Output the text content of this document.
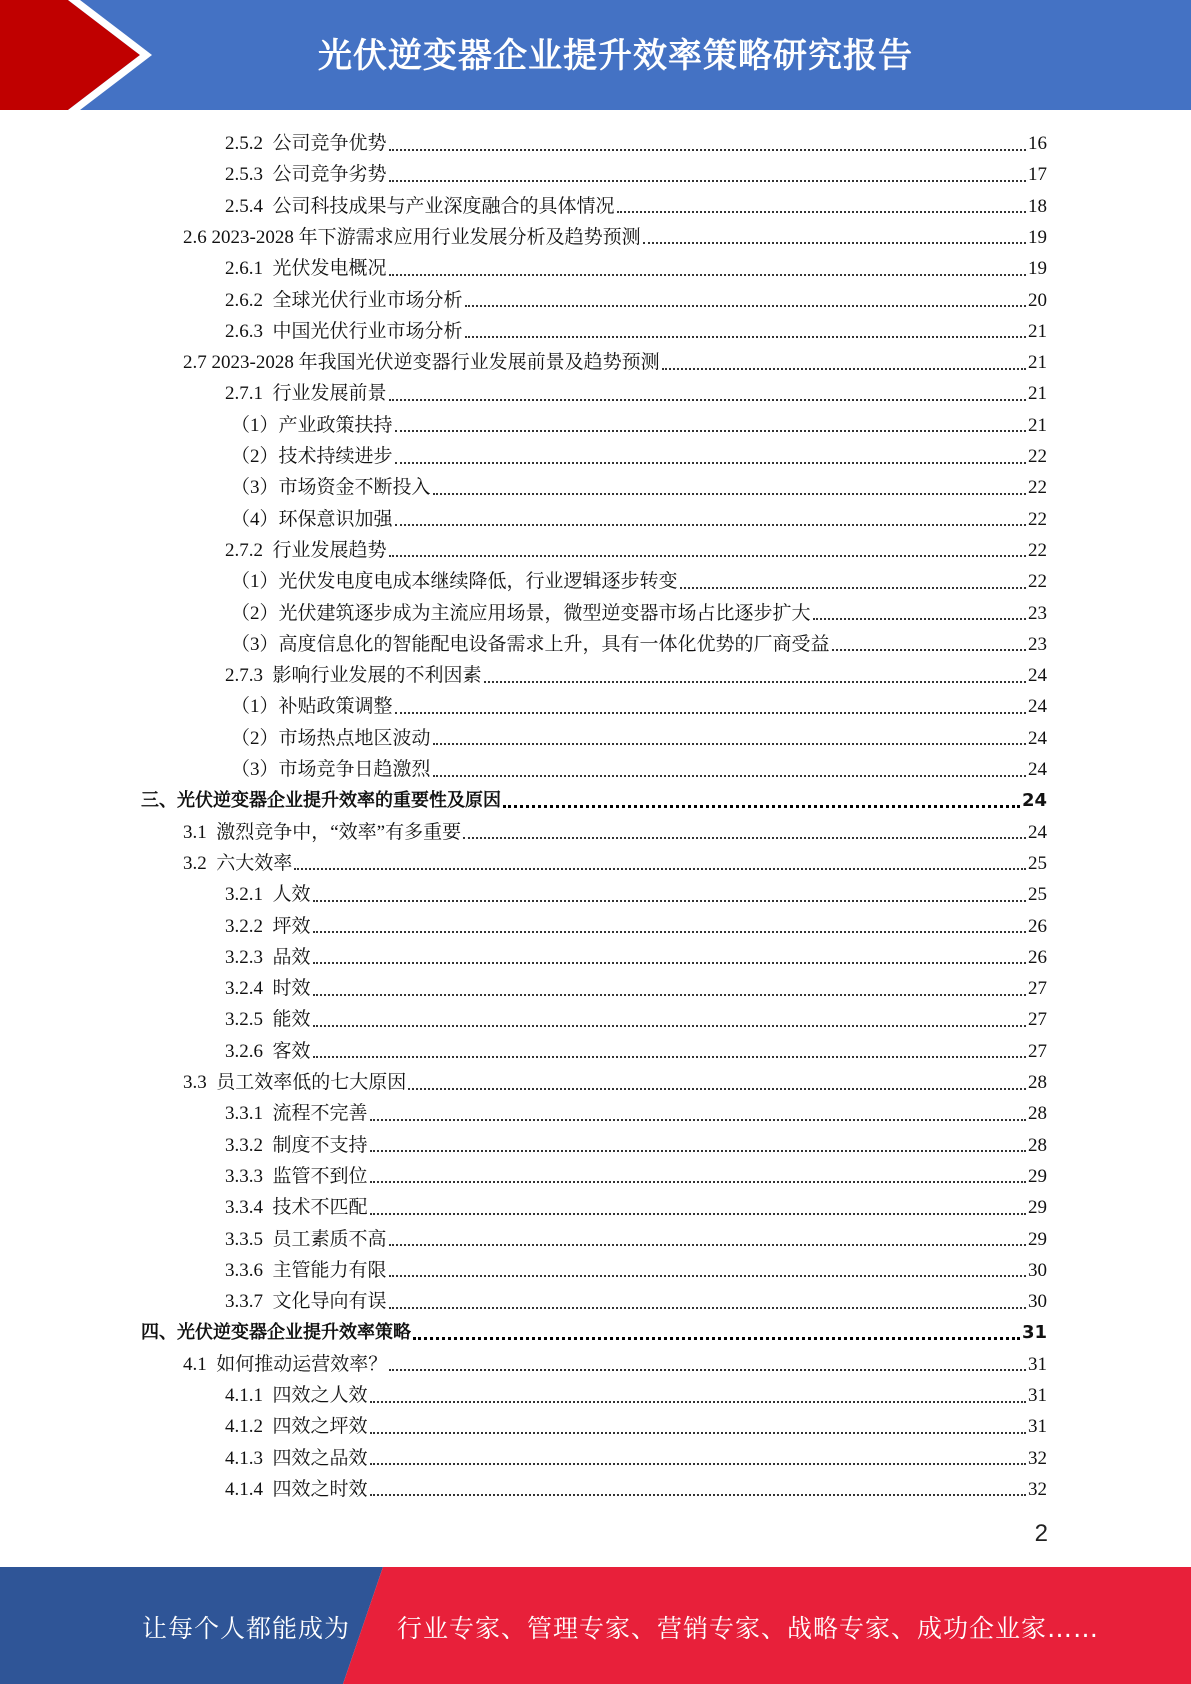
光伏逆变器企业提升效率策略研究报告
2.5.2 公司竞争优势	16
2.5.3 公司竞争劣势	17
2.5.4 公司科技成果与产业深度融合的具体情况	18
2.6 2023-2028 年下游需求应用行业发展分析及趋势预测	19
2.6.1 光伏发电概况	19
2.6.2 全球光伏行业市场分析	20
2.6.3 中国光伏行业市场分析	21
2.7 2023-2028 年我国光伏逆变器行业发展前景及趋势预测	21
2.7.1 行业发展前景	21
（1） 产业政策扶持	21
（2） 技术持续进步	22
（3） 市场资金不断投入	22
（4） 环保意识加强	22
2.7.2 行业发展趋势	22
（1） 光伏发电度电成本继续降低，行业逻辑逐步转变	22
（2） 光伏建筑逐步成为主流应用场景，微型逆变器市场占比逐步扩大	23
（3） 高度信息化的智能配电设备需求上升，具有一体化优势的厂商受益	23
2.7.3 影响行业发展的不利因素	24
（1） 补贴政策调整	24
（2） 市场热点地区波动	24
（3） 市场竞争日趋激烈	24
三、光伏逆变器企业提升效率的重要性及原因	24
3.1 激烈竞争中，“效率”有多重要	24
3.2 六大效率	25
3.2.1 人效	25
3.2.2 坪效	26
3.2.3 品效	26
3.2.4 时效	27
3.2.5 能效	27
3.2.6 客效	27
3.3 员工效率低的七大原因	28
3.3.1 流程不完善	28
3.3.2 制度不支持	28
3.3.3 监管不到位	29
3.3.4 技术不匹配	29
3.3.5 员工素质不高	29
3.3.6 主管能力有限	30
3.3.7 文化导向有误	30
四、光伏逆变器企业提升效率策略	31
4.1 如何推动运营效率？	31
4.1.1 四效之人效	31
4.1.2 四效之坪效	31
4.1.3 四效之品效	32
4.1.4 四效之时效	32
2
让每个人都能成为 行业专家、管理专家、营销专家、战略专家、成功企业家……
